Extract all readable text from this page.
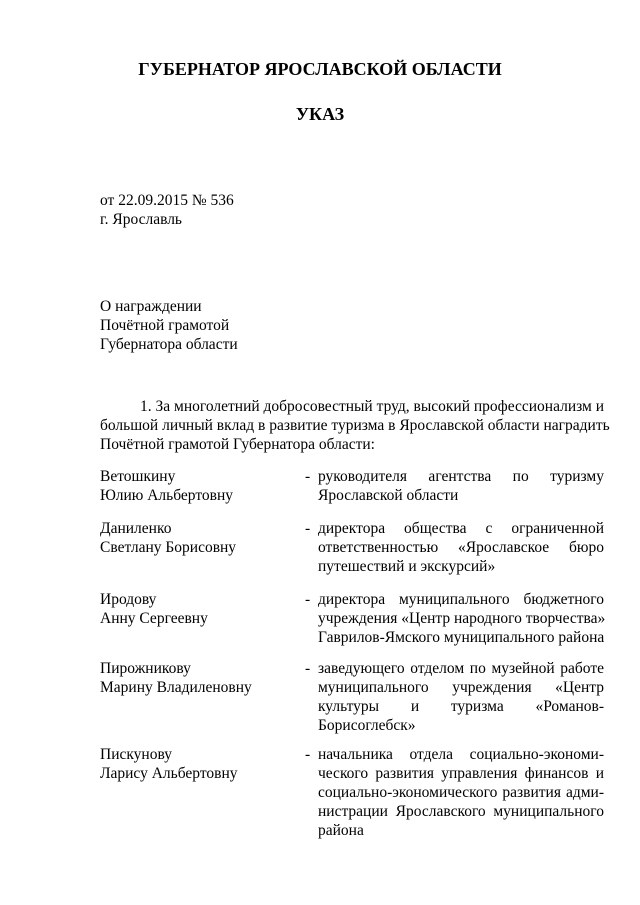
ГУБЕРНАТОР ЯРОСЛАВСКОЙ ОБЛАСТИ
УКАЗ
от 22.09.2015 № 536
г. Ярославль
О награждении
Почётной грамотой
Губернатора области
1. За многолетний добросовестный труд, высокий профессионализм и
большой личный вклад в развитие туризма в Ярославской области наградить
Почётной грамотой Губернатора области:
Ветошкину
Юлию Альбертовну
- руководителя агентства по туризму
Ярославской области
Даниленко
Светлану Борисовну
- директора общества с ограниченной
ответственностью «Ярославское бюро
путешествий и экскурсий»
Иродову
Анну Сергеевну
- директора муниципального бюджетного
учреждения «Центр народного творчества»
Гаврилов-Ямского муниципального района
Пирожникову
Марину Владиленовну
- заведующего отделом по музейной работе
муниципального учреждения «Центр
культуры и туризма «Романов-
Борисоглебск»
Пискунову
Ларису Альбертовну
- начальника отдела социально-экономи-
ческого развития управления финансов и
социально-экономического развития адми-
нистрации Ярославского муниципального
района
